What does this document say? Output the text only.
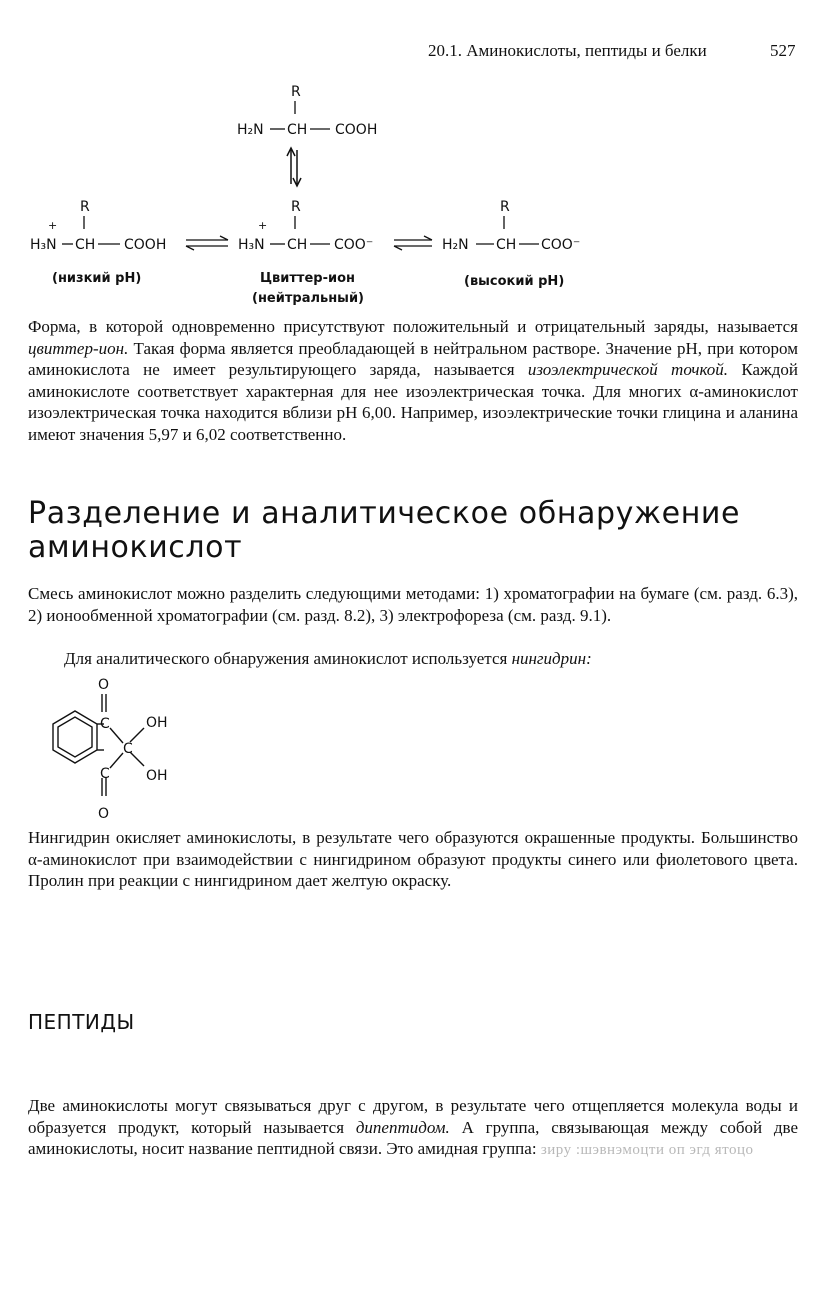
20.1. Аминокислоты, пептиды и белки	527
R
H₂N CH COOH
R	R	R
+
H₃N CH COOH
+
H₃N CH COO⁻	H₂N CH COO⁻
(низкий pH)	Цвиттер-ион
(нейтральный)
(высокий pH)

Форма, в которой одновременно присутствуют положительный и отрицательный заряды, называется цвиттер-ион. Такая форма является преобладающей в нейтральном растворе. Значение pH, при котором аминокислота не имеет результирующего заряда, называется изоэлектрической точкой. Каждой аминокислоте соответствует характерная для нее изоэлектрическая точка. Для многих α-аминокислот изоэлектрическая точка находится вблизи pH 6,00. Например, изоэлектрические точки глицина и аланина имеют значения 5,97 и 6,02 соответственно.

Разделение и аналитическое обнаружение аминокислот

Смесь аминокислот можно разделить следующими методами: 1) хроматографии на бумаге (см. разд. 6.3), 2) ионообменной хроматографии (см. разд. 8.2), 3) электрофореза (см. разд. 9.1).

Для аналитического обнаружения аминокислот используется нингидрин:

O
C
C
C
O
OH
OH

Нингидрин окисляет аминокислоты, в результате чего образуются окрашенные продукты. Большинство α-аминокислот при взаимодействии с нингидрином образуют продукты синего или фиолетового цвета. Пролин при реакции с нингидрином дает желтую окраску.

ПЕПТИДЫ

Две аминокислоты могут связываться друг с другом, в результате чего отщепляется молекула воды и образуется продукт, который называется дипептидом. А группа, связывающая между собой две аминокислоты, носит название пептидной связи. Это амидная группа: зиру :шэвнэмоцти оп эгд ятоцо
